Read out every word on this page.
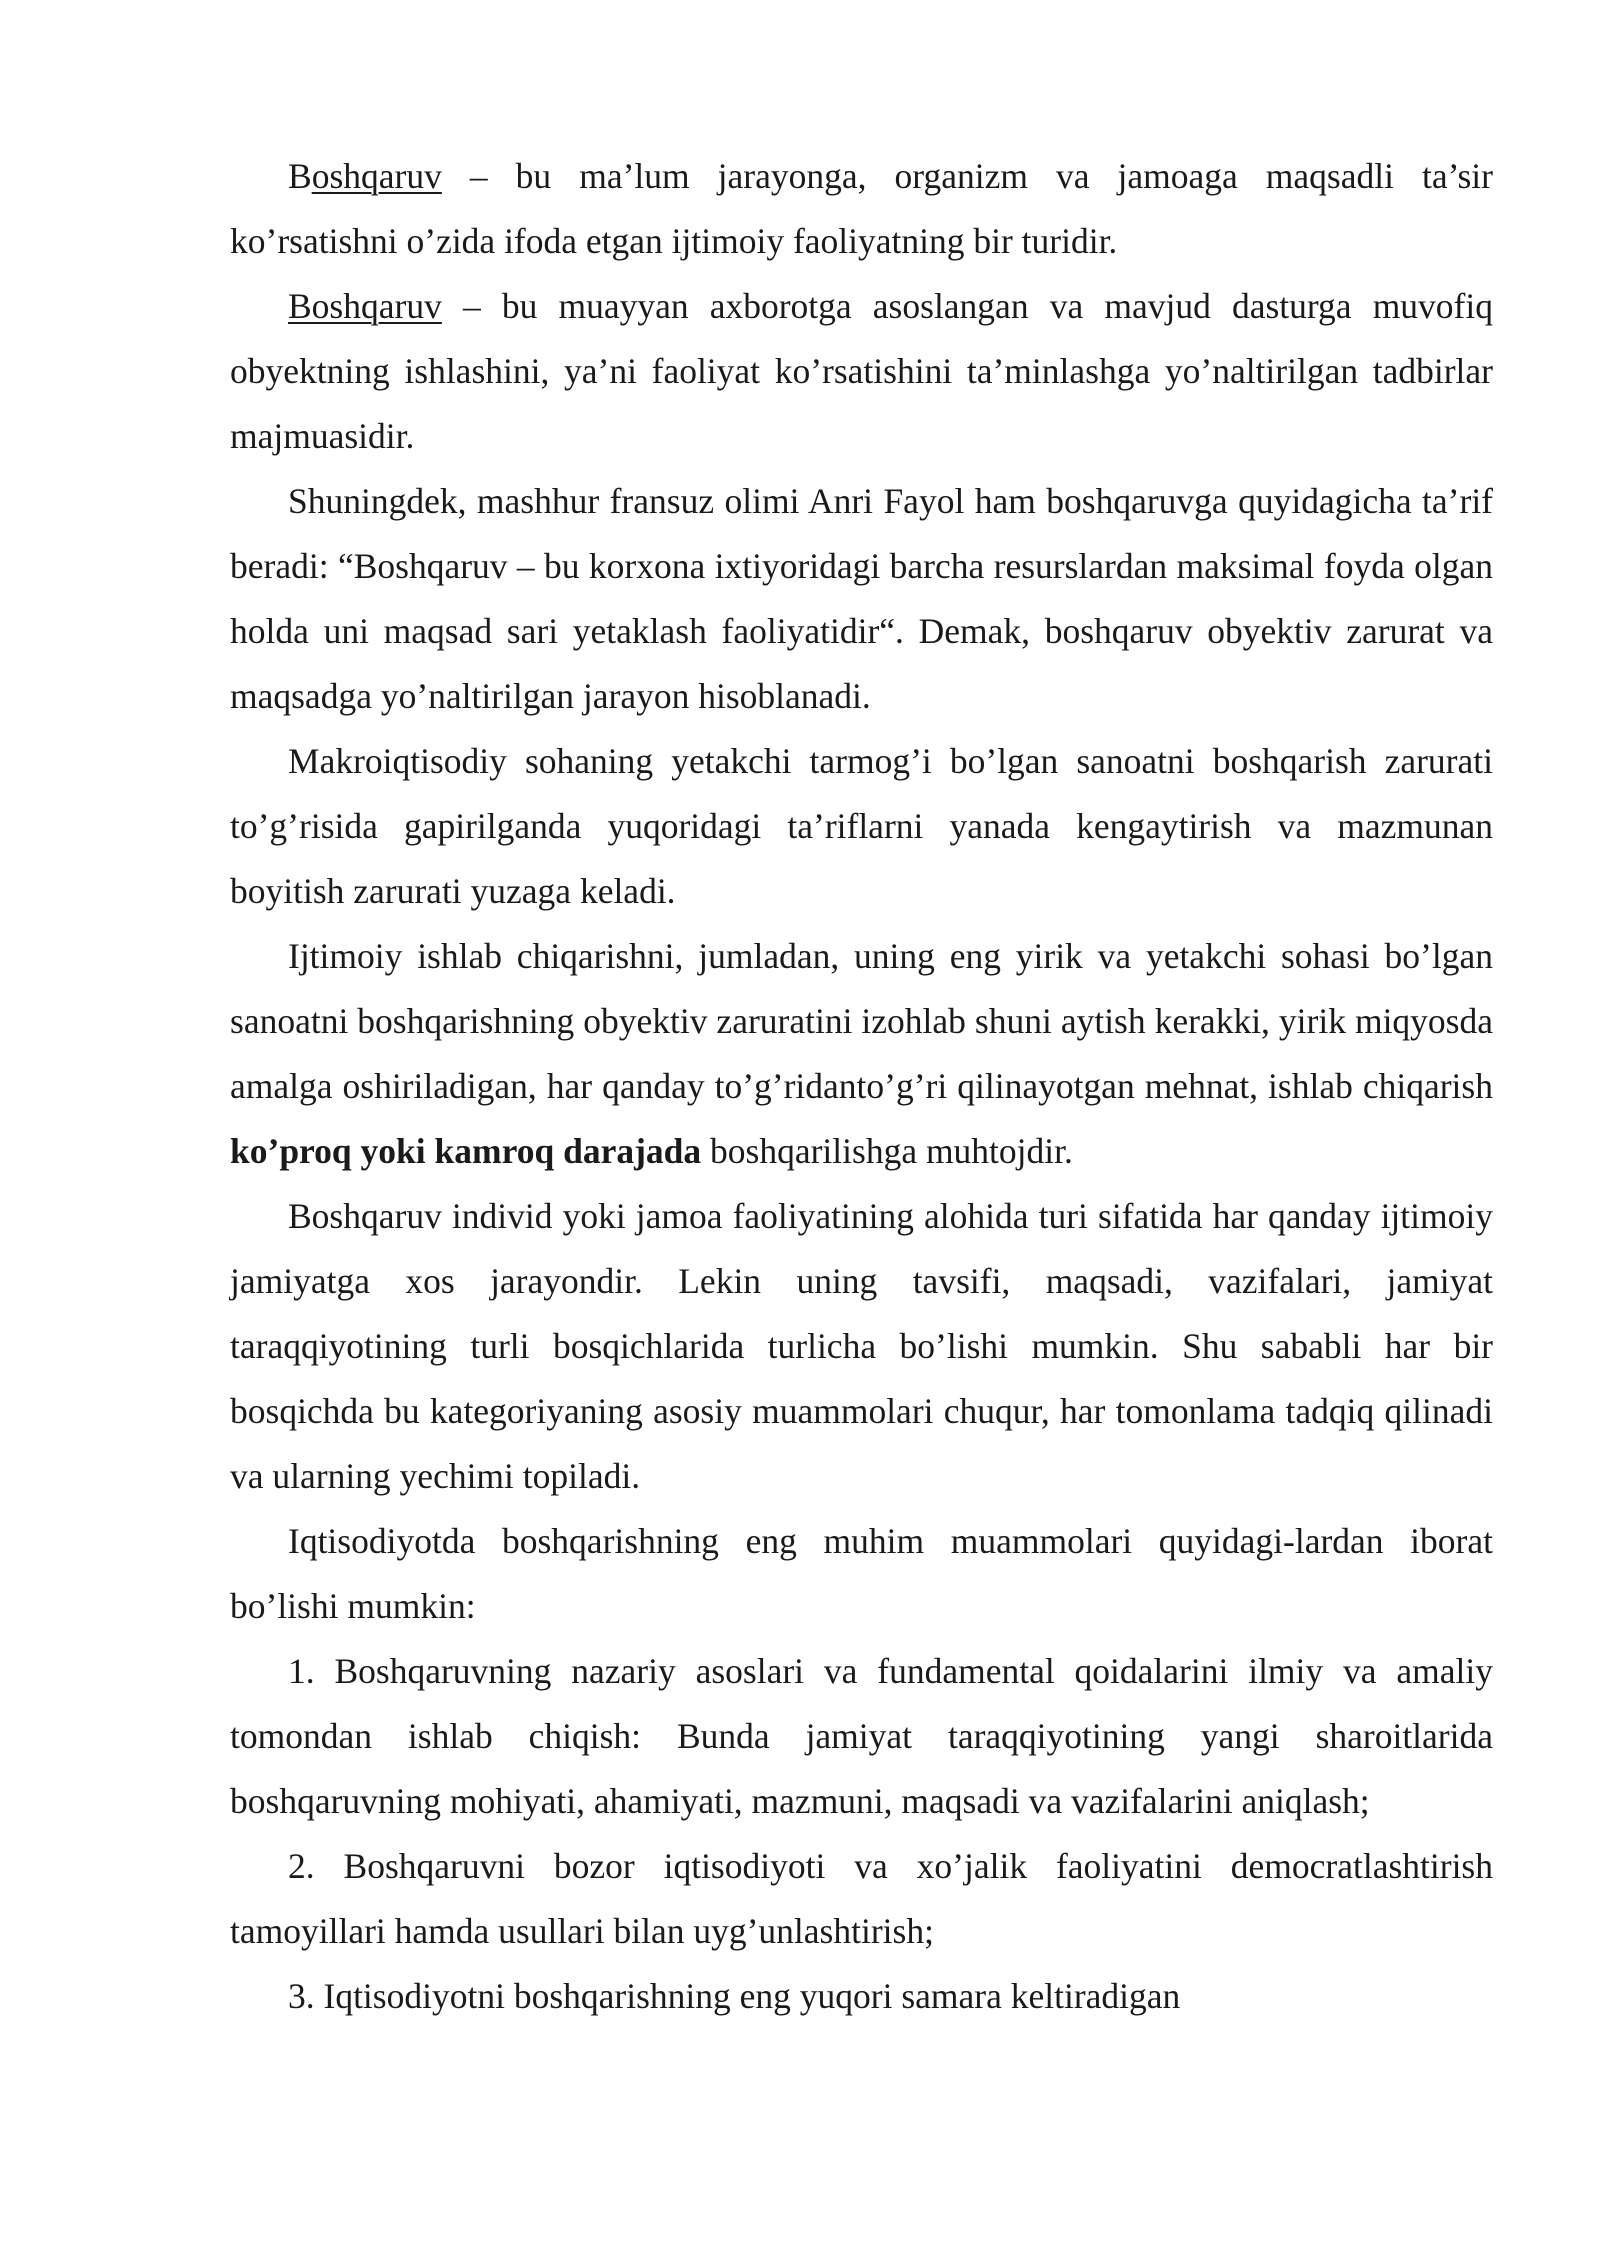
Boshqaruv – bu ma’lum jarayonga, organizm va jamoaga maqsadli ta’sir ko’rsatishni o’zida ifoda etgan ijtimoiy faoliyatning bir turidir.

Boshqaruv – bu muayyan axborotga asoslangan va mavjud dasturga muvofiq obyektning ishlashini, ya’ni faoliyat ko’rsatishini ta’minlashga yo’naltirilgan tadbirlar majmuasidir.

Shuningdek, mashhur fransuz olimi Anri Fayol ham boshqaruvga quyidagicha ta’rif beradi: “Boshqaruv – bu korxona ixtiyoridagi barcha resurslardan maksimal foyda olgan holda uni maqsad sari yetaklash faoliyatidir“. Demak, boshqaruv obyektiv zarurat va maqsadga yo’naltirilgan jarayon hisoblanadi.

Makroiqtisodiy sohaning yetakchi tarmog’i bo’lgan sanoatni boshqarish zarurati to’g’risida gapirilganda yuqoridagi ta’riflarni yanada kengaytirish va mazmunan boyitish zarurati yuzaga keladi.

Ijtimoiy ishlab chiqarishni, jumladan, uning eng yirik va yetakchi sohasi bo’lgan sanoatni boshqarishning obyektiv zaruratini izohlab shuni aytish kerakki, yirik miqyosda amalga oshiriladigan, har qanday to’g’ridanto’g’ri qilinayotgan mehnat, ishlab chiqarish ko’proq yoki kamroq darajada boshqarilishga muhtojdir.

Boshqaruv individ yoki jamoa faoliyatining alohida turi sifatida har qanday ijtimoiy jamiyatga xos jarayondir. Lekin uning tavsifi, maqsadi, vazifalari, jamiyat taraqqiyotining turli bosqichlarida turlicha bo’lishi mumkin. Shu sababli har bir bosqichda bu kategoriyaning asosiy muammolari chuqur, har tomonlama tadqiq qilinadi va ularning yechimi topiladi.

Iqtisodiyotda boshqarishning eng muhim muammolari quyidagi-lardan iborat bo’lishi mumkin:

1. Boshqaruvning nazariy asoslari va fundamental qoidalarini ilmiy va amaliy tomondan ishlab chiqish: Bunda jamiyat taraqqiyotining yangi sharoitlarida boshqaruvning mohiyati, ahamiyati, mazmuni, maqsadi va vazifalarini aniqlash;

2. Boshqaruvni bozor iqtisodiyoti va xo’jalik faoliyatini democratlashtirish tamoyillari hamda usullari bilan uyg’unlashtirish;

3. Iqtisodiyotni boshqarishning eng yuqori samara keltiradigan
